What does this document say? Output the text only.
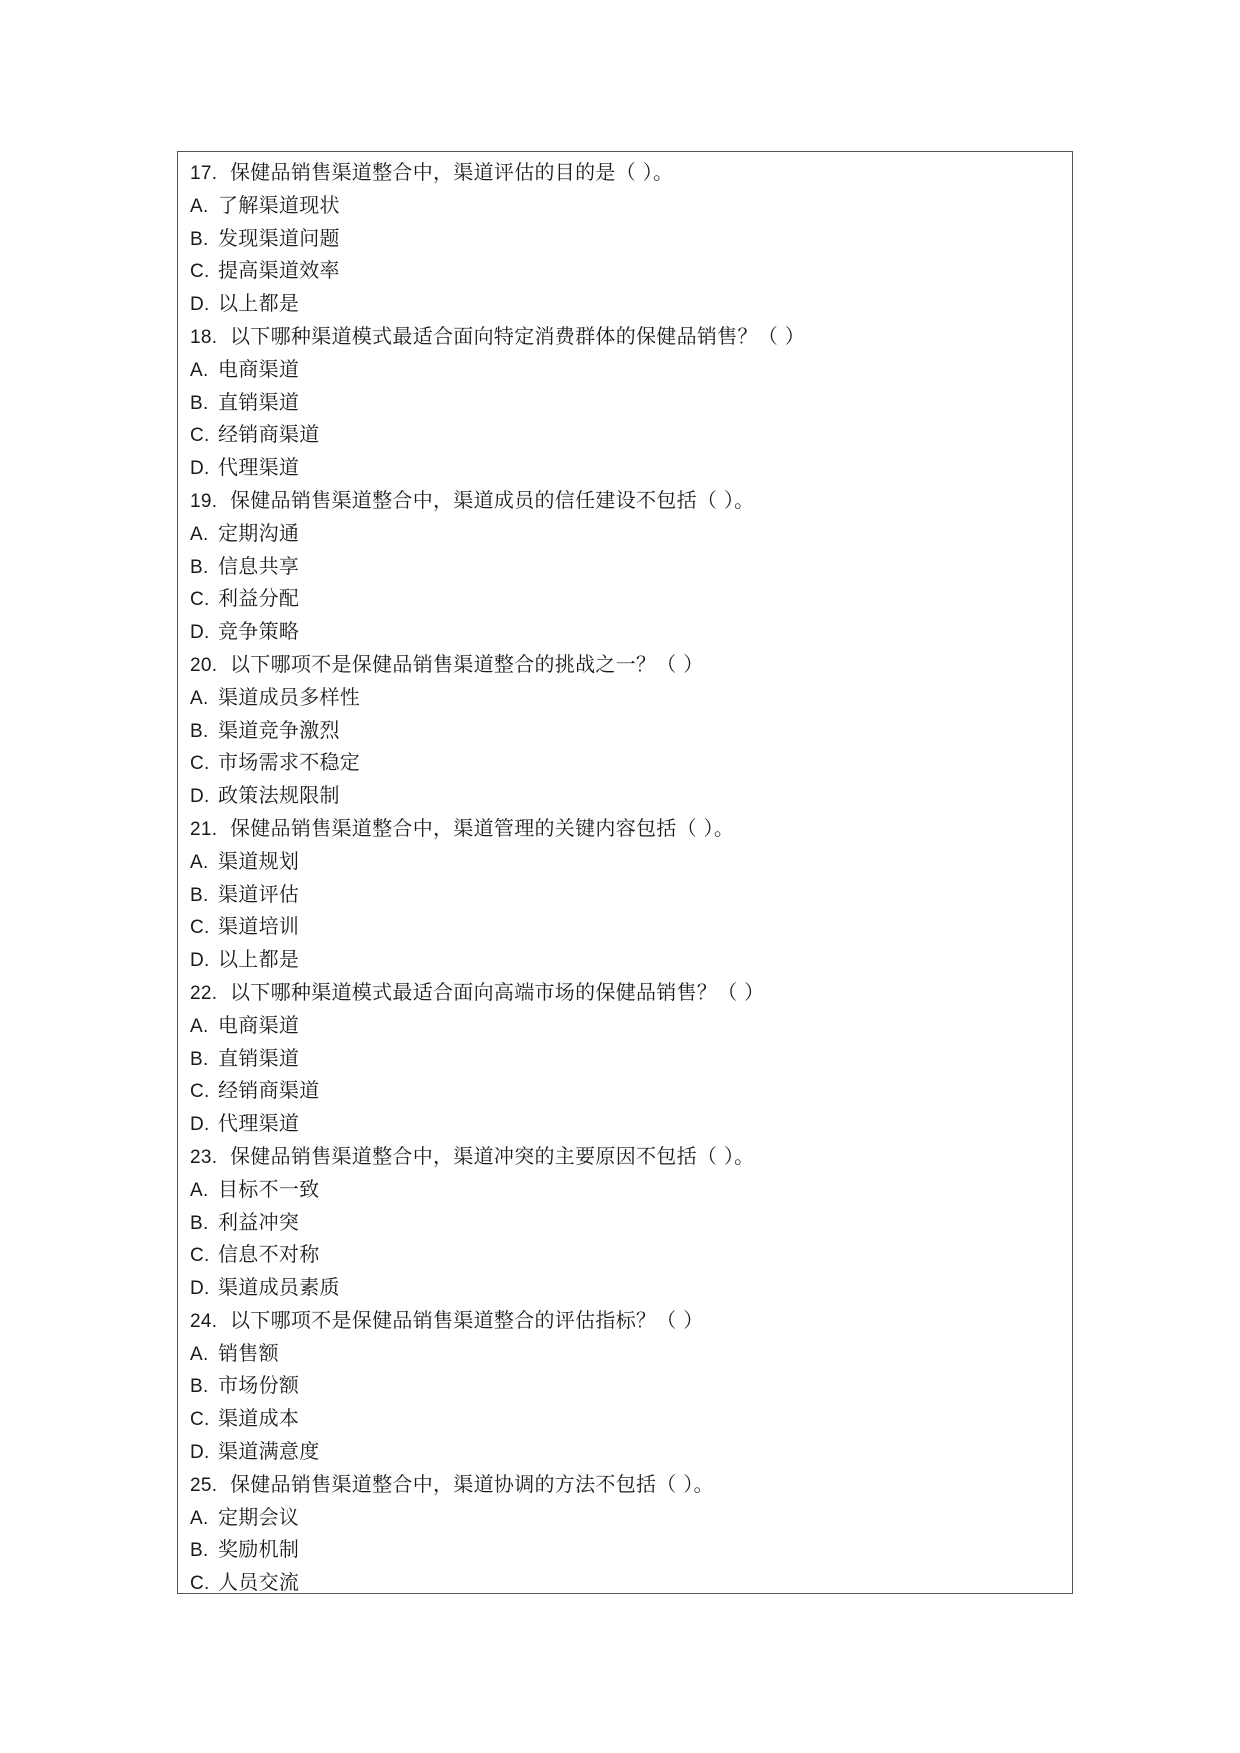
17. 保健品销售渠道整合中，渠道评估的目的是（ ）。
A. 了解渠道现状
B. 发现渠道问题
C. 提高渠道效率
D. 以上都是
18. 以下哪种渠道模式最适合面向特定消费群体的保健品销售？（ ）
A. 电商渠道
B. 直销渠道
C. 经销商渠道
D. 代理渠道
19. 保健品销售渠道整合中，渠道成员的信任建设不包括（ ）。
A. 定期沟通
B. 信息共享
C. 利益分配
D. 竞争策略
20. 以下哪项不是保健品销售渠道整合的挑战之一？（ ）
A. 渠道成员多样性
B. 渠道竞争激烈
C. 市场需求不稳定
D. 政策法规限制
21. 保健品销售渠道整合中，渠道管理的关键内容包括（ ）。
A. 渠道规划
B. 渠道评估
C. 渠道培训
D. 以上都是
22. 以下哪种渠道模式最适合面向高端市场的保健品销售？（ ）
A. 电商渠道
B. 直销渠道
C. 经销商渠道
D. 代理渠道
23. 保健品销售渠道整合中，渠道冲突的主要原因不包括（ ）。
A. 目标不一致
B. 利益冲突
C. 信息不对称
D. 渠道成员素质
24. 以下哪项不是保健品销售渠道整合的评估指标？（ ）
A. 销售额
B. 市场份额
C. 渠道成本
D. 渠道满意度
25. 保健品销售渠道整合中，渠道协调的方法不包括（ ）。
A. 定期会议
B. 奖励机制
C. 人员交流
